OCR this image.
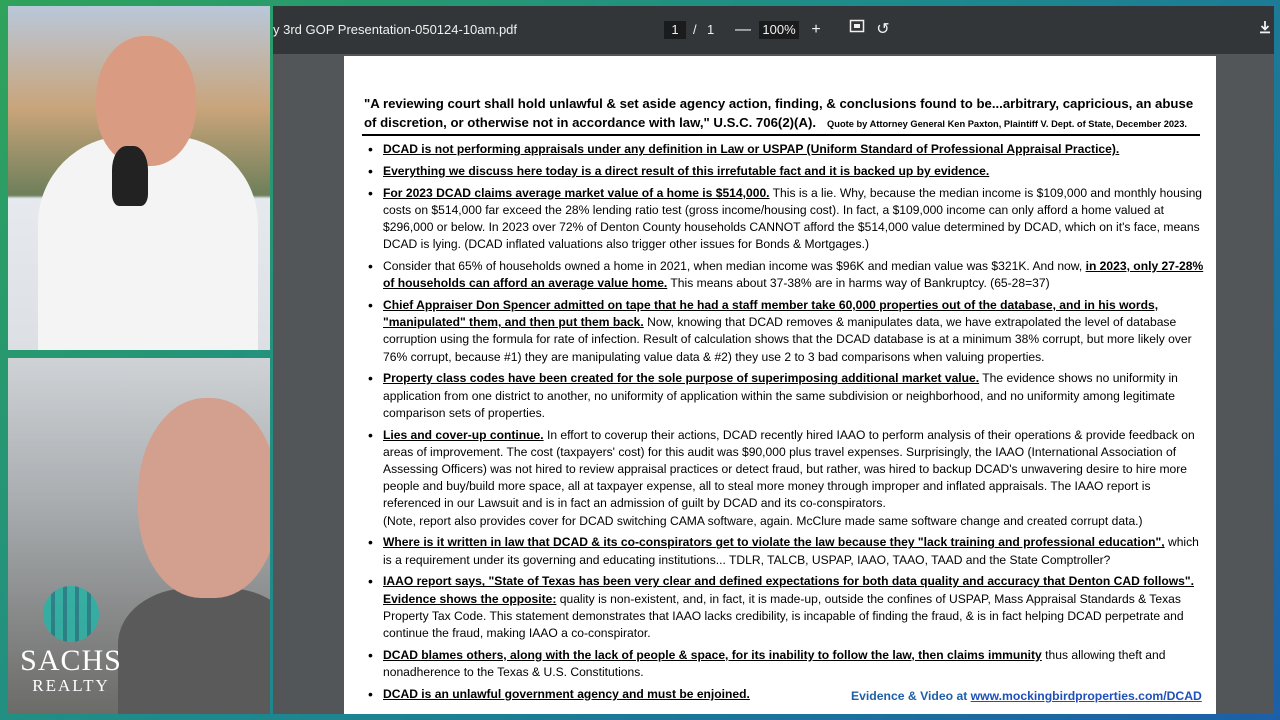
SACHS
REALTY
y 3rd GOP Presentation-050124-10am.pdf	1	/ 1 — 100% +	↺
"A reviewing court shall hold unlawful & set aside agency action, finding, & conclusions found to be...arbitrary, capricious, an abuse of discretion, or otherwise not in accordance with law," U.S.C. 706(2)(A). Quote by Attorney General Ken Paxton, Plaintiff V. Dept. of State, December 2023.
• DCAD is not performing appraisals under any definition in Law or USPAP (Uniform Standard of Professional Appraisal Practice).
• Everything we discuss here today is a direct result of this irrefutable fact and it is backed up by evidence.
• For 2023 DCAD claims average market value of a home is $514,000. This is a lie. Why, because the median income is $109,000 and monthly housing costs on $514,000 far exceed the 28% lending ratio test (gross income/housing cost). In fact, a $109,000 income can only afford a home valued at $296,000 or below. In 2023 over 72% of Denton County households CANNOT afford the $514,000 value determined by DCAD, which on it's face, means DCAD is lying. (DCAD inflated valuations also trigger other issues for Bonds & Mortgages.)
• Consider that 65% of households owned a home in 2021, when median income was $96K and median value was $321K. And now, in 2023, only 27-28% of households can afford an average value home. This means about 37-38% are in harms way of Bankruptcy. (65-28=37)
• Chief Appraiser Don Spencer admitted on tape that he had a staff member take 60,000 properties out of the database, and in his words, "manipulated" them, and then put them back. Now, knowing that DCAD removes & manipulates data, we have extrapolated the level of database corruption using the formula for rate of infection. Result of calculation shows that the DCAD database is at a minimum 38% corrupt, but more likely over 76% corrupt, because #1) they are manipulating value data & #2) they use 2 to 3 bad comparisons when valuing properties.
• Property class codes have been created for the sole purpose of superimposing additional market value. The evidence shows no uniformity in application from one district to another, no uniformity of application within the same subdivision or neighborhood, and no uniformity among legitimate comparison sets of properties.
• Lies and cover-up continue. In effort to coverup their actions, DCAD recently hired IAAO to perform analysis of their operations & provide feedback on areas of improvement. The cost (taxpayers' cost) for this audit was $90,000 plus travel expenses. Surprisingly, the IAAO (International Association of Assessing Officers) was not hired to review appraisal practices or detect fraud, but rather, was hired to backup DCAD's unwavering desire to hire more people and buy/build more space, all at taxpayer expense, all to steal more money through improper and inflated appraisals. The IAAO report is referenced in our Lawsuit and is in fact an admission of guilt by DCAD and its co-conspirators.
(Note, report also provides cover for DCAD switching CAMA software, again. McClure made same software change and created corrupt data.)
• Where is it written in law that DCAD & its co-conspirators get to violate the law because they "lack training and professional education", which is a requirement under its governing and educating institutions... TDLR, TALCB, USPAP, IAAO, TAAO, TAAD and the State Comptroller?
• IAAO report says, "State of Texas has been very clear and defined expectations for both data quality and accuracy that Denton CAD follows". Evidence shows the opposite: quality is non-existent, and, in fact, it is made-up, outside the confines of USPAP, Mass Appraisal Standards & Texas Property Tax Code. This statement demonstrates that IAAO lacks credibility, is incapable of finding the fraud, & is in fact helping DCAD perpetrate and continue the fraud, making IAAO a co-conspirator.
• DCAD blames others, along with the lack of people & space, for its inability to follow the law, then claims immunity thus allowing theft and nonadherence to the Texas & U.S. Constitutions.
• DCAD is an unlawful government agency and must be enjoined.	Evidence & Video at www.mockingbirdproperties.com/DCAD
